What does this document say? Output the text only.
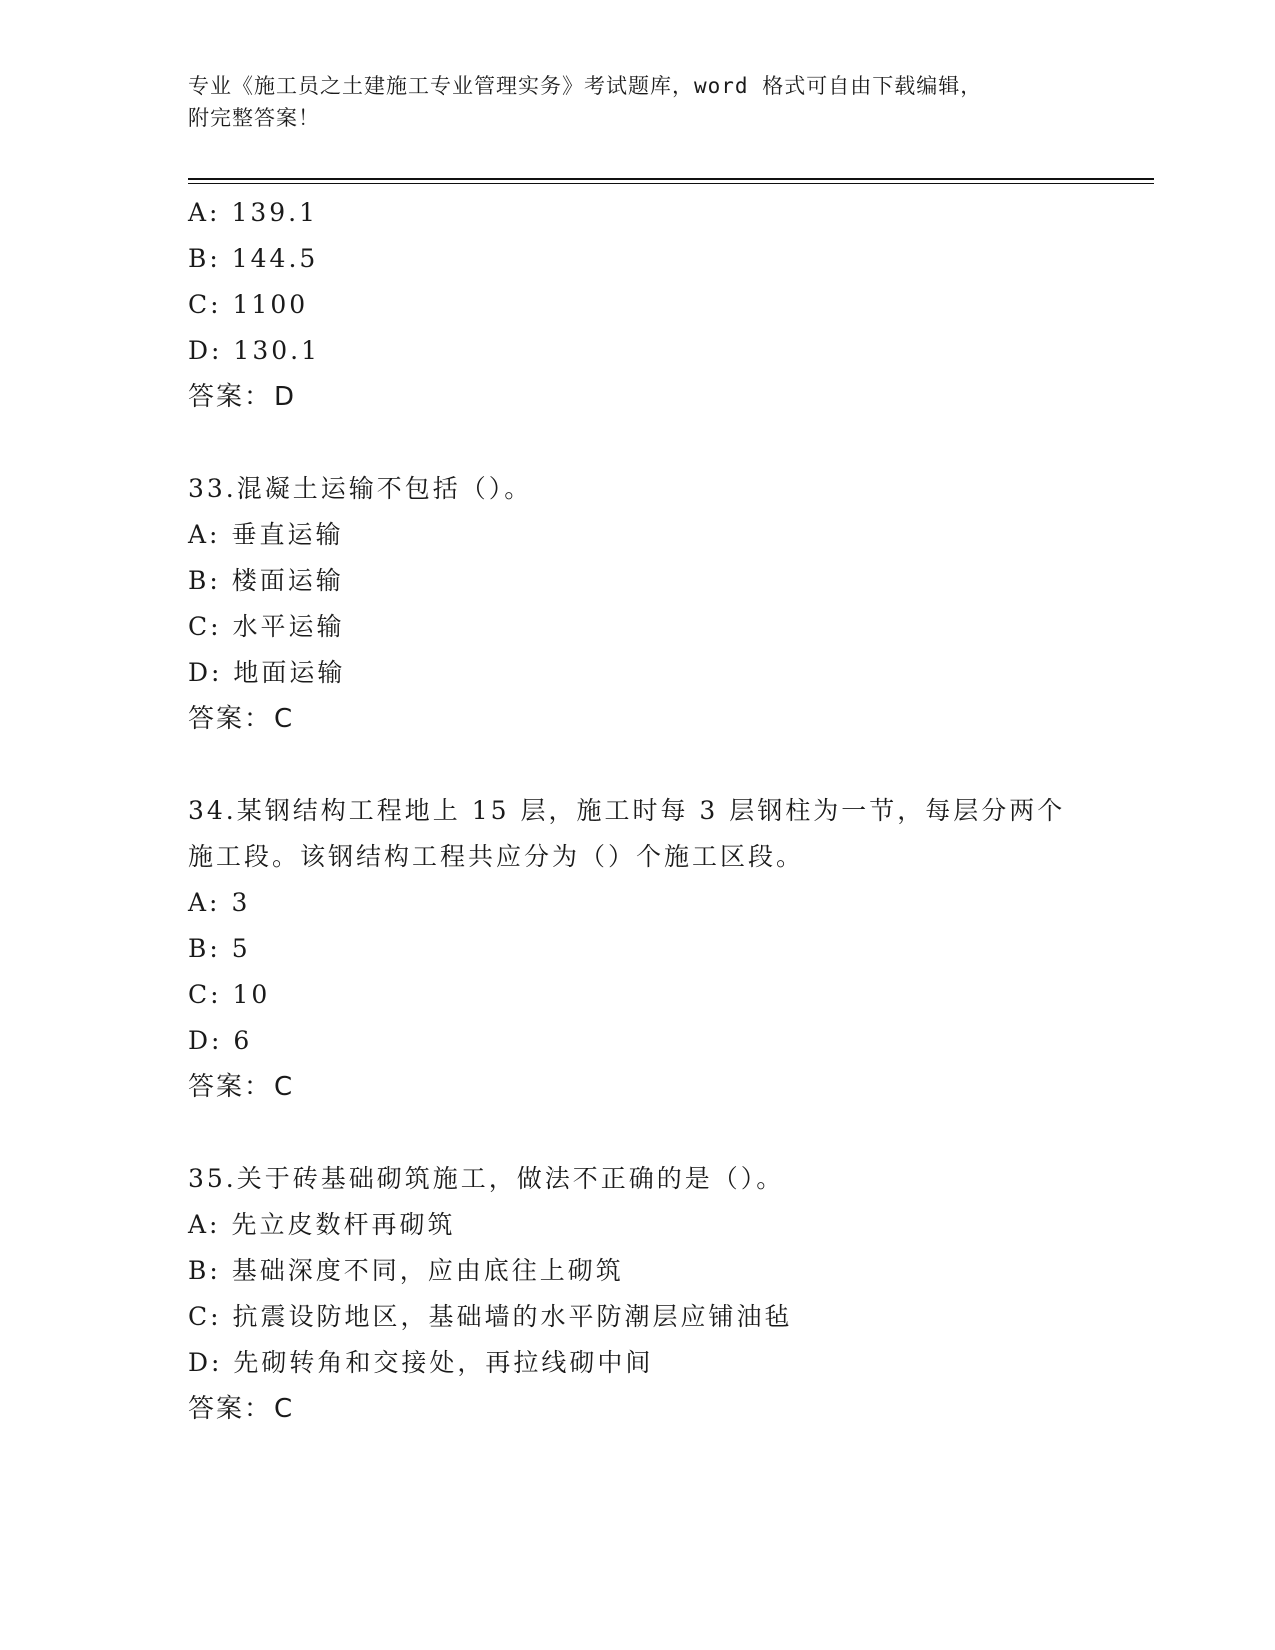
专业《施工员之土建施工专业管理实务》考试题库，word 格式可自由下载编辑，
附完整答案！
A: 139.1
B: 144.5
C: 1100
D: 130.1
答案：D
33.混凝土运输不包括（）。
A: 垂直运输
B: 楼面运输
C: 水平运输
D: 地面运输
答案：C
34.某钢结构工程地上 15 层，施工时每 3 层钢柱为一节，每层分两个
施工段。该钢结构工程共应分为（）个施工区段。
A: 3
B: 5
C: 10
D: 6
答案：C
35.关于砖基础砌筑施工，做法不正确的是（）。
A: 先立皮数杆再砌筑
B: 基础深度不同，应由底往上砌筑
C: 抗震设防地区，基础墙的水平防潮层应铺油毡
D: 先砌转角和交接处，再拉线砌中间
答案：C
